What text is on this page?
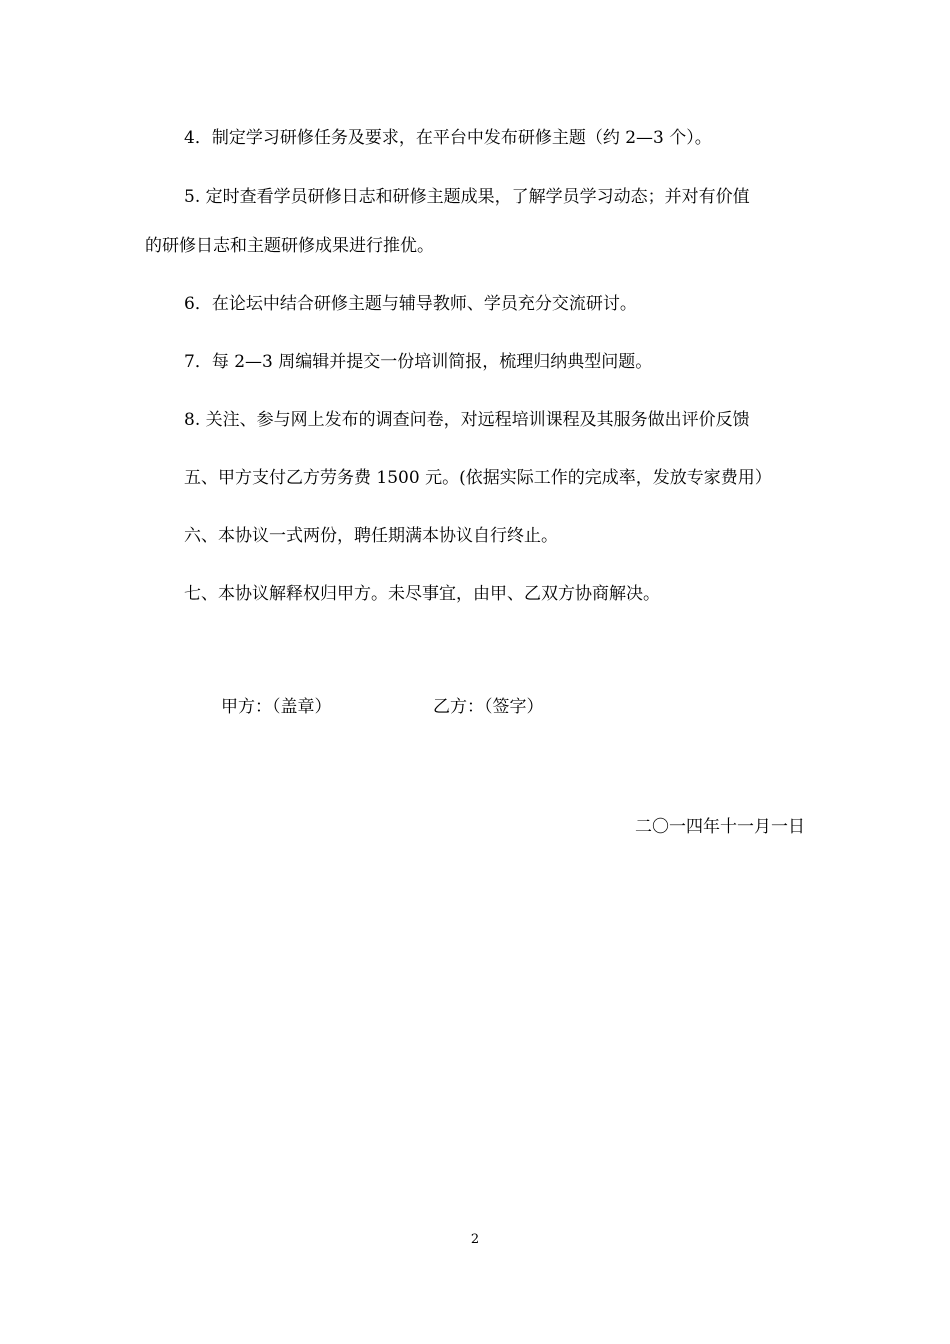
4．制定学习研修任务及要求，在平台中发布研修主题（约 2—3 个）。
5. 定时查看学员研修日志和研修主题成果，了解学员学习动态；并对有价值
的研修日志和主题研修成果进行推优。
6．在论坛中结合研修主题与辅导教师、学员充分交流研讨。
7．每 2—3 周编辑并提交一份培训简报，梳理归纳典型问题。
8. 关注、参与网上发布的调查问卷，对远程培训课程及其服务做出评价反馈
五、甲方支付乙方劳务费 1500 元。(依据实际工作的完成率，发放专家费用）
六、本协议一式两份，聘任期满本协议自行终止。
七、本协议解释权归甲方。未尽事宜，由甲、乙双方协商解决。
甲方：（盖章）	乙方：（签字）
二〇一四年十一月一日
2
